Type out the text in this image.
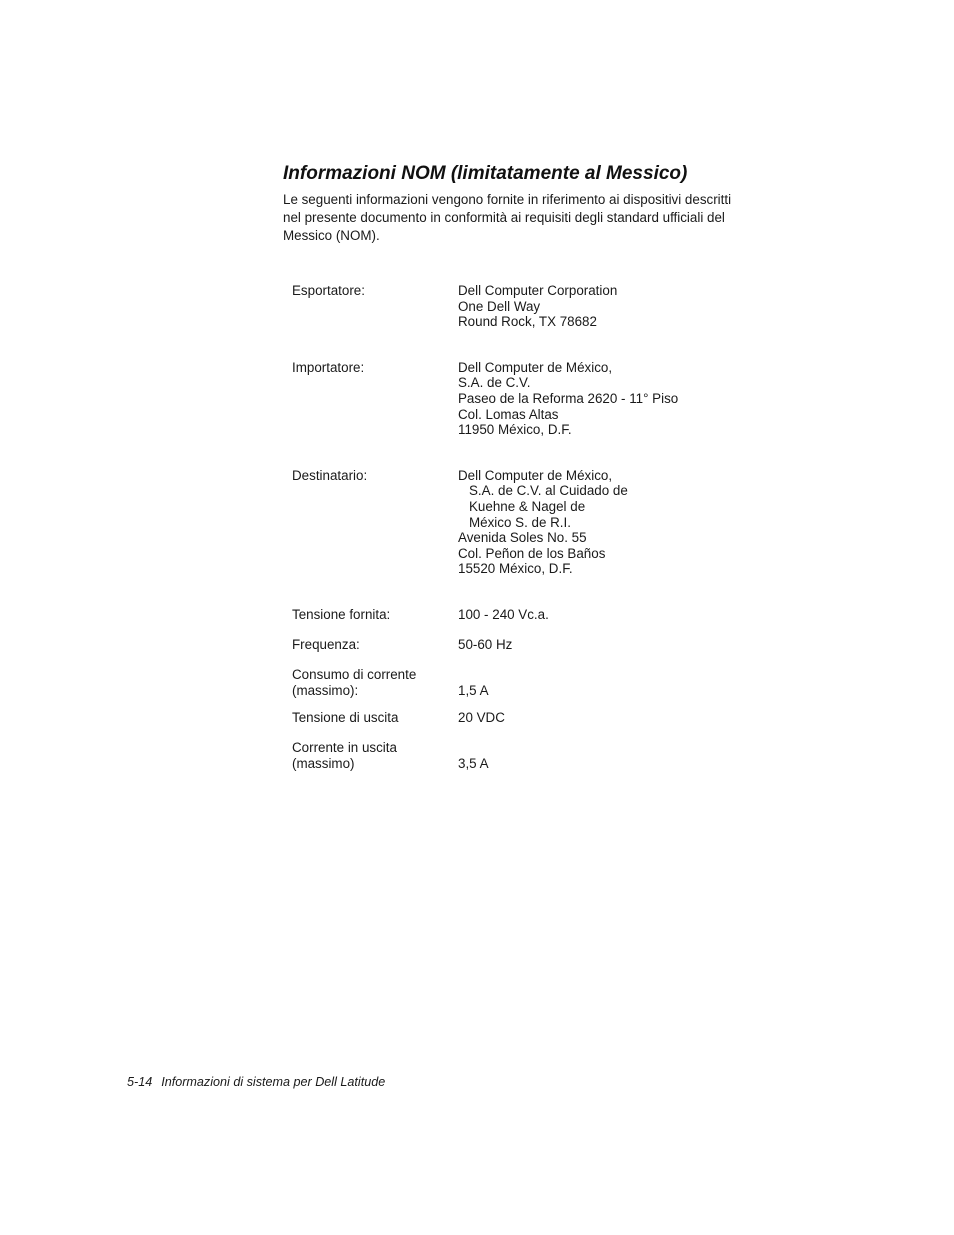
Informazioni NOM (limitatamente al Messico)

Le seguenti informazioni vengono fornite in riferimento ai dispositivi descritti
nel presente documento in conformità ai requisiti degli standard ufficiali del
Messico (NOM).

Esportatore:	Dell Computer Corporation
One Dell Way
Round Rock, TX 78682
Importatore:	Dell Computer de México,
S.A. de C.V.
Paseo de la Reforma 2620 - 11° Piso
Col. Lomas Altas
11950 México, D.F.
Destinatario:	Dell Computer de México,
S.A. de C.V. al Cuidado de
Kuehne & Nagel de
México S. de R.I.
Avenida Soles No. 55
Col. Peñon de los Baños
15520 México, D.F.
Tensione fornita:	100 - 240 Vc.a.
Frequenza:	50-60 Hz
Consumo di corrente
(massimo):	1,5 A
Tensione di uscita	20 VDC
Corrente in uscita
(massimo)	3,5 A

5-14 Informazioni di sistema per Dell Latitude
